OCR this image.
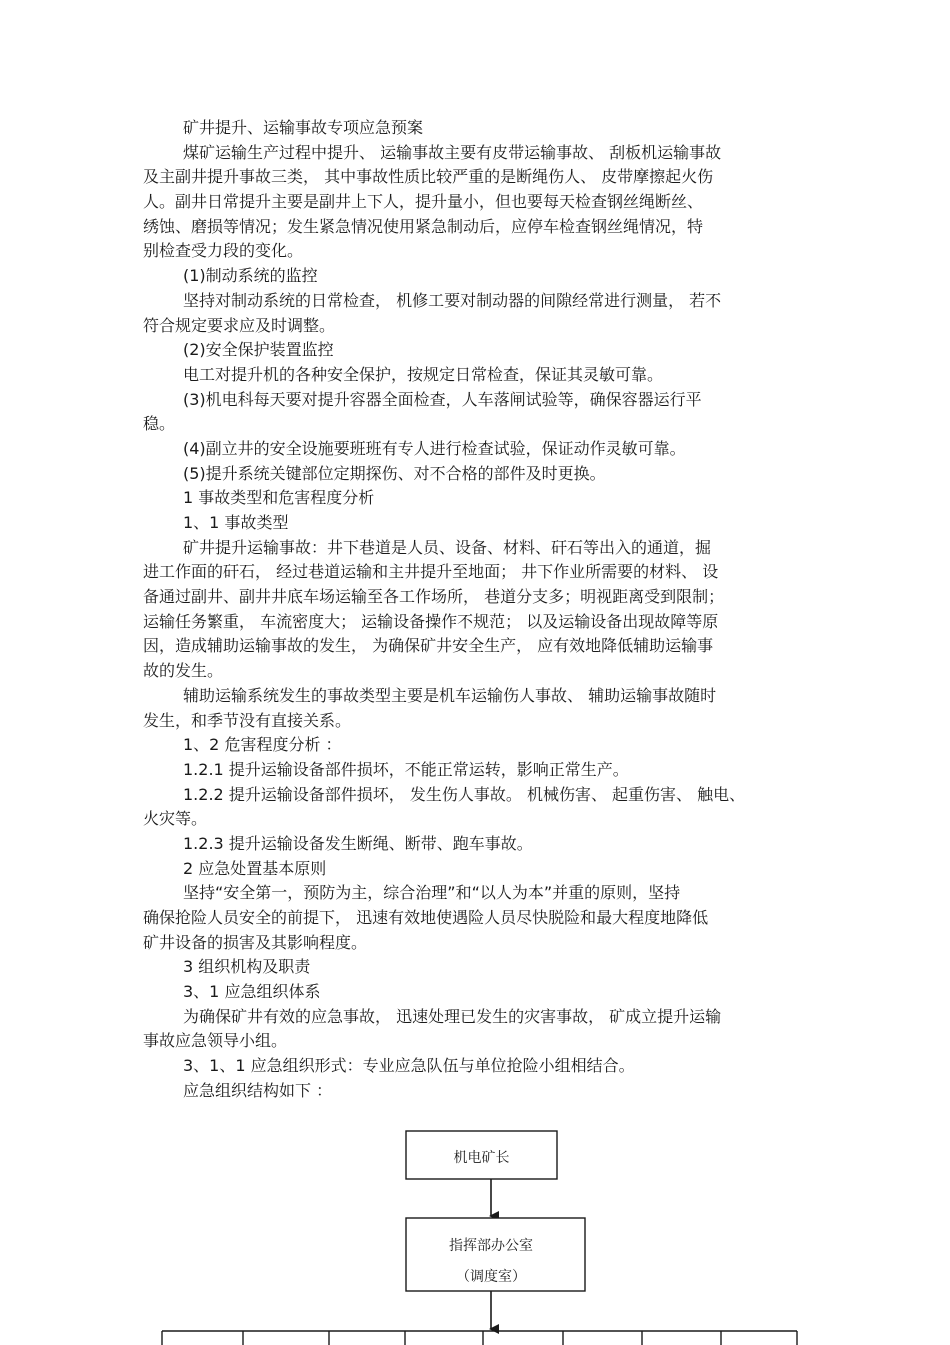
矿井提升、运输事故专项应急预案
煤矿运输生产过程中提升、 运输事故主要有皮带运输事故、 刮板机运输事故
及主副井提升事故三类， 其中事故性质比较严重的是断绳伤人、 皮带摩擦起火伤
人。副井日常提升主要是副井上下人，提升量小，但也要每天检查钢丝绳断丝、
绣蚀、磨损等情况；发生紧急情况使用紧急制动后，应停车检查钢丝绳情况，特
别检查受力段的变化。
(1)制动系统的监控
坚持对制动系统的日常检查， 机修工要对制动器的间隙经常进行测量， 若不
符合规定要求应及时调整。
(2)安全保护装置监控
电工对提升机的各种安全保护，按规定日常检查，保证其灵敏可靠。
(3)机电科每天要对提升容器全面检查，人车落闸试验等，确保容器运行平
稳。
(4)副立井的安全设施要班班有专人进行检查试验，保证动作灵敏可靠。
(5)提升系统关键部位定期探伤、对不合格的部件及时更换。
1 事故类型和危害程度分析
1、1 事故类型
矿井提升运输事故：井下巷道是人员、设备、材料、矸石等出入的通道，掘
进工作面的矸石， 经过巷道运输和主井提升至地面； 井下作业所需要的材料、 设
备通过副井、副井井底车场运输至各工作场所， 巷道分支多；明视距离受到限制；
运输任务繁重， 车流密度大； 运输设备操作不规范； 以及运输设备出现故障等原
因，造成辅助运输事故的发生， 为确保矿井安全生产， 应有效地降低辅助运输事
故的发生。
辅助运输系统发生的事故类型主要是机车运输伤人事故、 辅助运输事故随时
发生，和季节没有直接关系。
1、2 危害程度分析 ：
1.2.1 提升运输设备部件损坏，不能正常运转，影响正常生产。
1.2.2 提升运输设备部件损坏， 发生伤人事故。 机械伤害、 起重伤害、 触电、
火灾等。
1.2.3 提升运输设备发生断绳、断带、跑车事故。
2 应急处置基本原则
坚持“安全第一，预防为主，综合治理”和“以人为本”并重的原则，坚持
确保抢险人员安全的前提下， 迅速有效地使遇险人员尽快脱险和最大程度地降低
矿井设备的损害及其影响程度。
3 组织机构及职责
3、1 应急组织体系
为确保矿井有效的应急事故， 迅速处理已发生的灾害事故， 矿成立提升运输
事故应急领导小组。
3、1、1 应急组织形式：专业应急队伍与单位抢险小组相结合。
应急组织结构如下 ：
机电矿长
指挥部办公室
（调度室）
